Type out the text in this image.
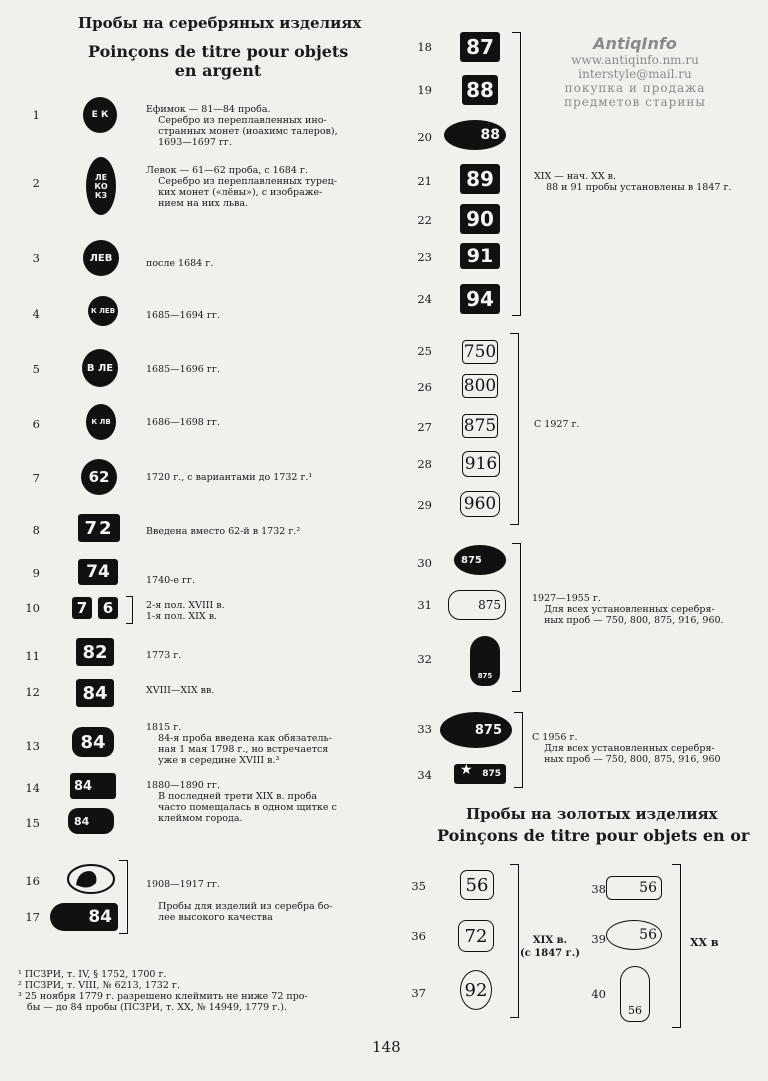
AntiqInfo
www.antiqinfo.nm.ru
interstyle@mail.ru
покупка и продажа
предметов старины
Пробы на серебряных изделиях
Poinçons de titre pour objets
en argent
1
2
3
4
5
6
7
8
9
10
11
12
13
14
15
16
17
Е К
ЛЕ КО КЗ
ЛЕВ
К ЛЕВ
В ЛЕ
К ЛВ
62
72
74
7	6
82
84
84
84
84
84
Ефимок — 81—84 проба.
Серебро из переплавленных ино-
странных монет (иоахимс талеров),
1693—1697 гг.
Левок — 61—62 проба, с 1684 г.
Серебро из переплавленных турец-
ких монет («лёвы»), с изображе-
нием на них льва.
после 1684 г.
1685—1694 гг.
1685—1696 гг.
1686—1698 гг.
1720 г., с вариантами до 1732 г.¹
Введена вместо 62-й в 1732 г.²
1740-е гг.
2-я пол. XVIII в.
1-я пол. XIX в.
1773 г.
XVIII—XIX вв.
1815 г.
84-я проба введена как обязатель-
ная 1 мая 1798 г., но встречается
уже в середине XVIII в.³
1880—1890 гг.
В последней трети XIX в. проба
часто помещалась в одном щитке с
клеймом города.
1908—1917 гг.

Пробы для изделий из серебра бо-
лее высокого качества
18
19
20
21
22
23
24
25
26
27
28
29
30
31
32
33
34
35
36
37
38
39
40
87
88
88
89
90
91
94
750
800
875
916
960
875
875
875
875
875
★
Пробы на золотых изделиях
Poinçons de titre pour objets en or
56
72
92
56
56
56
XIX — нач. XX в.
88 и 91 пробы установлены в 1847 г.
С 1927 г.
1927—1955 г.
Для всех установленных серебря-
ных проб — 750, 800, 875, 916, 960.
С 1956 г.
Для всех установленных серебря-
ных проб — 750, 800, 875, 916, 960
XIX в.
(с 1847 г.)
XX в
¹ ПСЗРИ, т. IV, § 1752, 1700 г.
² ПСЗРИ, т. VIII, № 6213, 1732 г.
³ 25 ноября 1779 г. разрешено клеймить не ниже 72 про-
бы — до 84 пробы (ПСЗРИ, т. XX, № 14949, 1779 г.).
148
